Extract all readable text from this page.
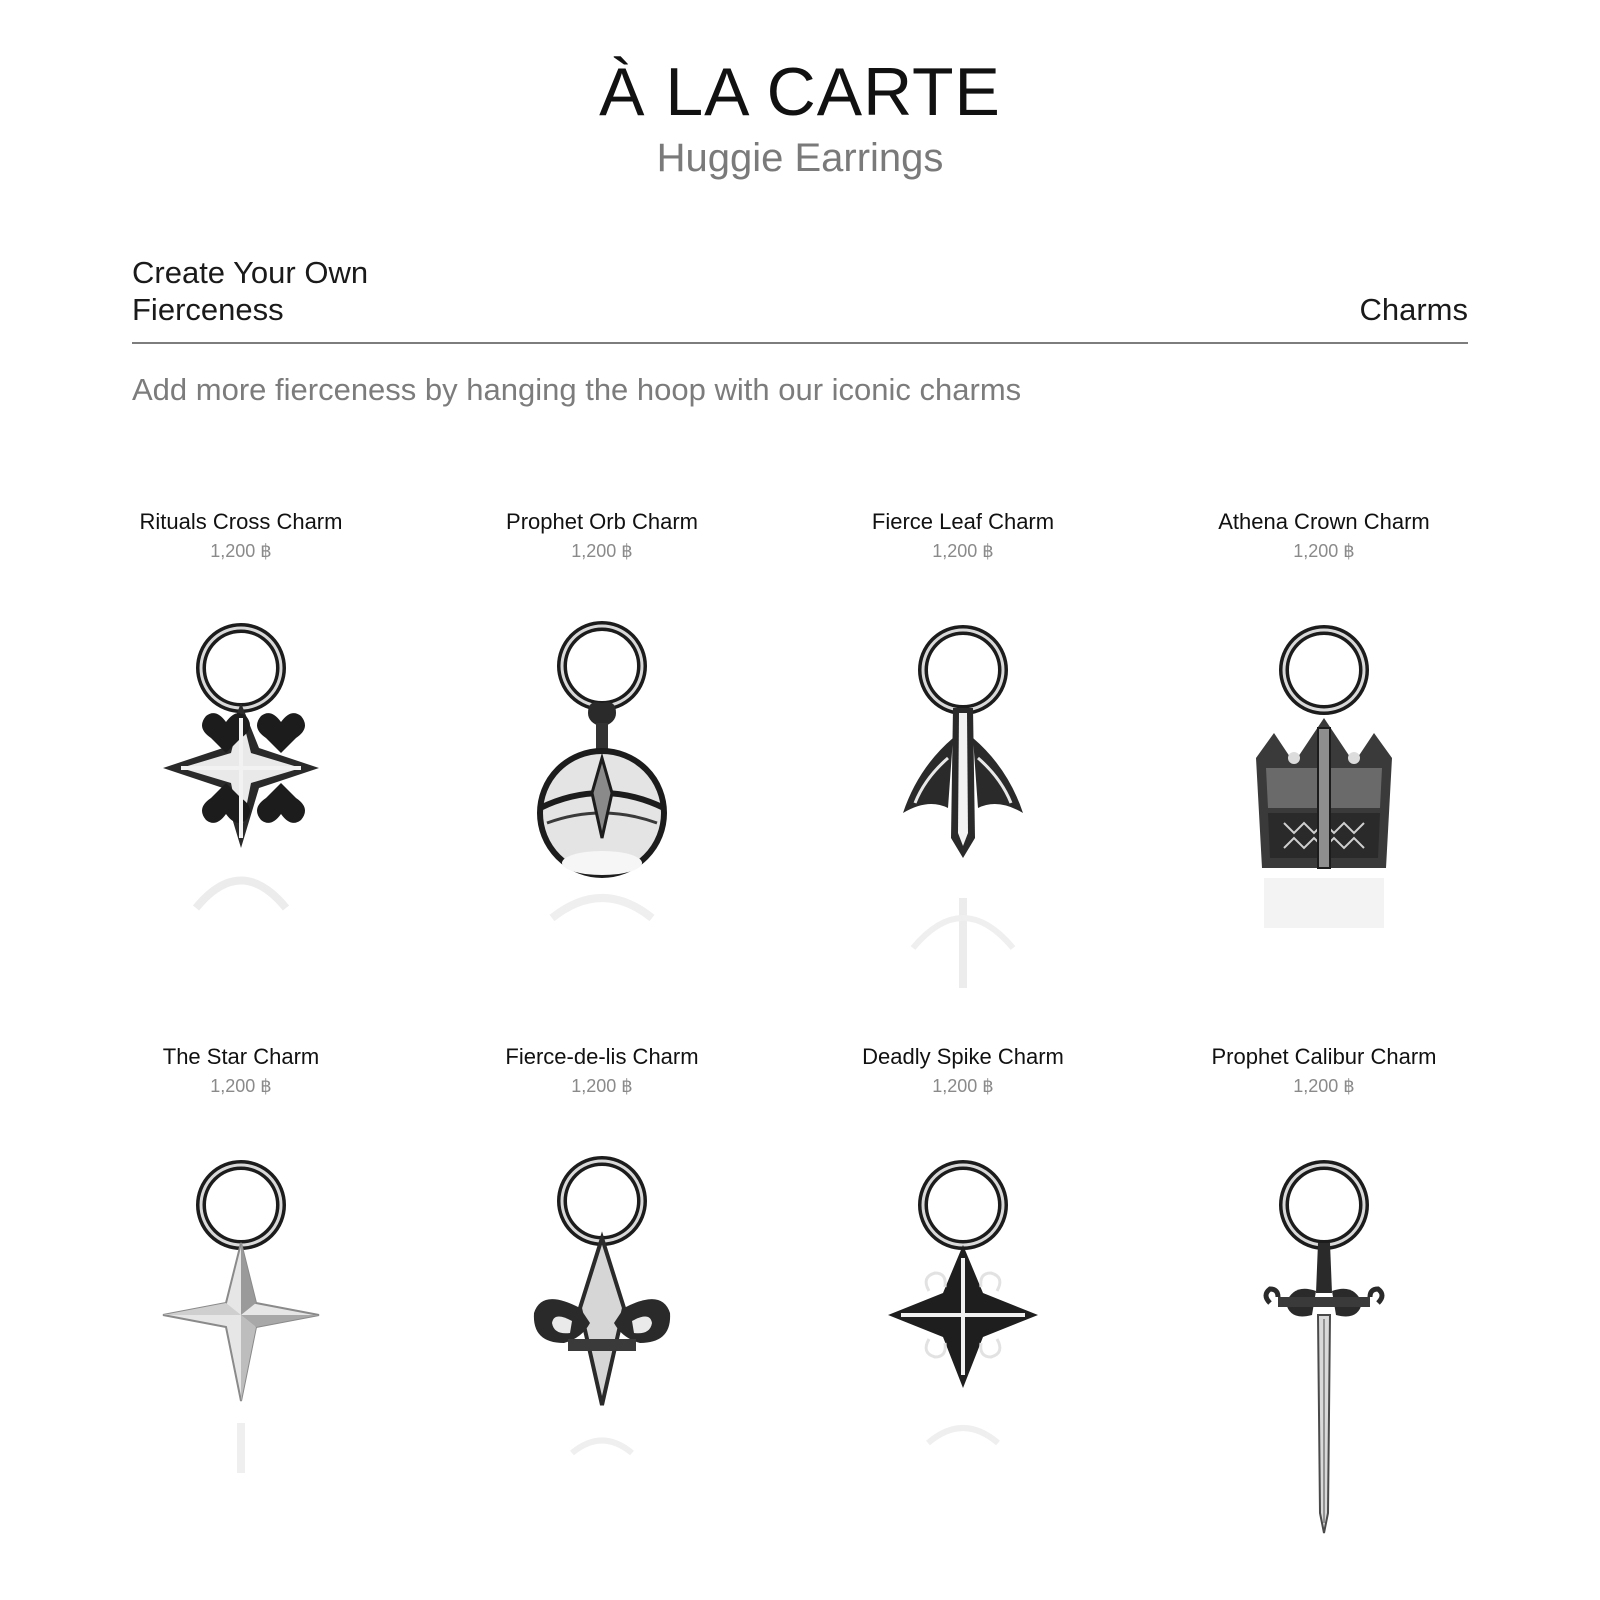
À LA CARTE
Huggie Earrings
Create Your Own
Fierceness	Charms
Add more fierceness by hanging the hoop with our iconic charms
Rituals Cross Charm
1,200 ฿
Prophet Orb Charm
1,200 ฿
Fierce Leaf Charm
1,200 ฿
Athena Crown Charm
1,200 ฿
The Star Charm
1,200 ฿
Fierce-de-lis Charm
1,200 ฿
Deadly Spike Charm
1,200 ฿
Prophet Calibur Charm
1,200 ฿
